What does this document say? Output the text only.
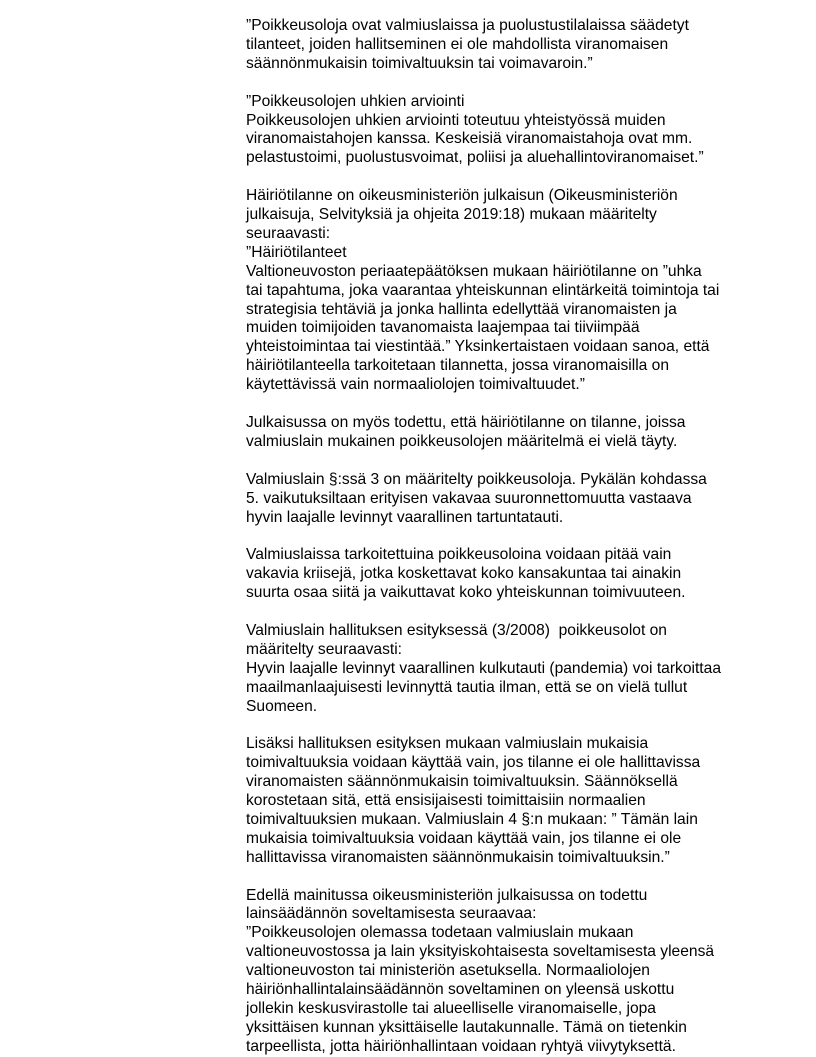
”Poikkeusoloja ovat valmiuslaissa ja puolustustilalaissa säädetyt
tilanteet, joiden hallitseminen ei ole mahdollista viranomaisen
säännönmukaisin toimivaltuuksin tai voimavaroin.”

”Poikkeusolojen uhkien arviointi
Poikkeusolojen uhkien arviointi toteutuu yhteistyössä muiden
viranomaistahojen kanssa. Keskeisiä viranomaistahoja ovat mm.
pelastustoimi, puolustusvoimat, poliisi ja aluehallintoviranomaiset.”

Häiriötilanne on oikeusministeriön julkaisun (Oikeusministeriön
julkaisuja, Selvityksiä ja ohjeita 2019:18) mukaan määritelty
seuraavasti:
”Häiriötilanteet
Valtioneuvoston periaatepäätöksen mukaan häiriötilanne on ”uhka
tai tapahtuma, joka vaarantaa yhteiskunnan elintärkeitä toimintoja tai
strategisia tehtäviä ja jonka hallinta edellyttää viranomaisten ja
muiden toimijoiden tavanomaista laajempaa tai tiiviimpää
yhteistoimintaa tai viestintää.” Yksinkertaistaen voidaan sanoa, että
häiriötilanteella tarkoitetaan tilannetta, jossa viranomaisilla on
käytettävissä vain normaaliolojen toimivaltuudet.”

Julkaisussa on myös todettu, että häiriötilanne on tilanne, joissa
valmiuslain mukainen poikkeusolojen määritelmä ei vielä täyty.

Valmiuslain §:ssä 3 on määritelty poikkeusoloja. Pykälän kohdassa
5. vaikutuksiltaan erityisen vakavaa suuronnettomuutta vastaava
hyvin laajalle levinnyt vaarallinen tartuntatauti.

Valmiuslaissa tarkoitettuina poikkeusoloina voidaan pitää vain
vakavia kriisejä, jotka koskettavat koko kansakuntaa tai ainakin
suurta osaa siitä ja vaikuttavat koko yhteiskunnan toimivuuteen.

Valmiuslain hallituksen esityksessä (3/2008)  poikkeusolot on
määritelty seuraavasti:
Hyvin laajalle levinnyt vaarallinen kulkutauti (pandemia) voi tarkoittaa
maailmanlaajuisesti levinnyttä tautia ilman, että se on vielä tullut
Suomeen.

Lisäksi hallituksen esityksen mukaan valmiuslain mukaisia
toimivaltuuksia voidaan käyttää vain, jos tilanne ei ole hallittavissa
viranomaisten säännönmukaisin toimivaltuuksin. Säännöksellä
korostetaan sitä, että ensisijaisesti toimittaisiin normaalien
toimivaltuuksien mukaan. Valmiuslain 4 §:n mukaan: ” Tämän lain
mukaisia toimivaltuuksia voidaan käyttää vain, jos tilanne ei ole
hallittavissa viranomaisten säännönmukaisin toimivaltuuksin.”

Edellä mainitussa oikeusministeriön julkaisussa on todettu
lainsäädännön soveltamisesta seuraavaa:
”Poikkeusolojen olemassa todetaan valmiuslain mukaan
valtioneuvostossa ja lain yksityiskohtaisesta soveltamisesta yleensä
valtioneuvoston tai ministeriön asetuksella. Normaaliolojen
häiriönhallintalainsäädännön soveltaminen on yleensä uskottu
jollekin keskusvirastolle tai alueelliselle viranomaiselle, jopa
yksittäisen kunnan yksittäiselle lautakunnalle. Tämä on tietenkin
tarpeellista, jotta häiriönhallintaan voidaan ryhtyä viivytyksettä.
